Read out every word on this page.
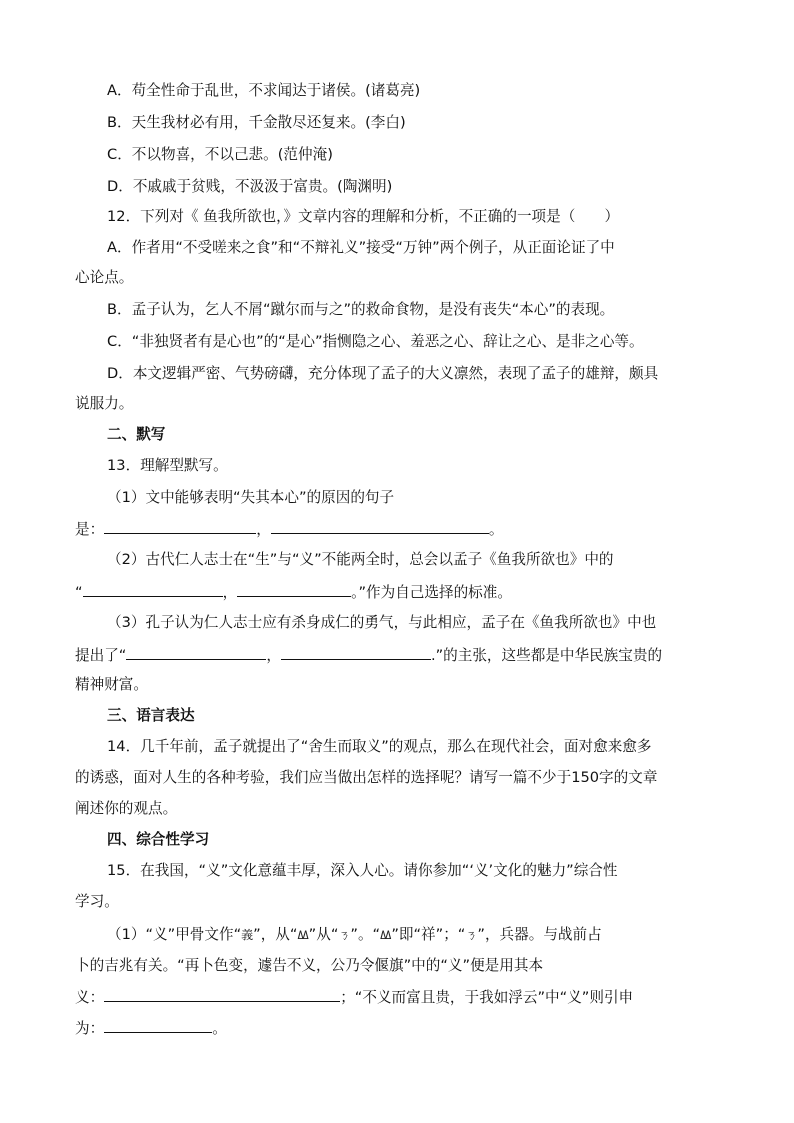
A．苟全性命于乱世，不求闻达于诸侯。(诸葛亮)
B．天生我材必有用，千金散尽还复来。(李白)
C．不以物喜，不以己悲。(范仲淹)
D．不戚戚于贫贱，不汲汲于富贵。(陶渊明)
12．下列对《 鱼我所欲也，》文章内容的理解和分析，不正确的一项是（　　）
A．作者用“不受嗟来之食”和“不辩礼义”接受“万钟”两个例子，从正面论证了中
心论点。
B．孟子认为，乞人不屑“蹴尔而与之”的救命食物，是没有丧失“本心”的表现。
C．“非独贤者有是心也”的“是心”指恻隐之心、羞恶之心、辞让之心、是非之心等。
D．本文逻辑严密、气势磅礴，充分体现了孟子的大义凛然，表现了孟子的雄辩，颇具
说服力。
二、默写
13．理解型默写。
（1）文中能够表明“失其本心”的原因的句子
是：	，	。
（2）古代仁人志士在“生”与“义”不能两全时，总会以孟子《鱼我所欲也》中的
“	，	。”作为自己选择的标准。
（3）孔子认为仁人志士应有杀身成仁的勇气，与此相应，孟子在《鱼我所欲也》中也
提出了“	，	.”的主张，这些都是中华民族宝贵的
精神财富。
三、语言表达
14．几千年前，孟子就提出了“舍生而取义”的观点，那么在现代社会，面对愈来愈多
的诱惑，面对人生的各种考验，我们应当做出怎样的选择呢？请写一篇不少于150字的文章
阐述你的观点。
四、综合性学习
15．在我国，“义”文化意蕴丰厚，深入人心。请你参加“‘义’文化的魅力”综合性
学习。
（1）“义”甲骨文作“義”，从“𐊷”从“ㄋ”。“𐊷”即“祥”；“ㄋ”，兵器。与战前占
卜的吉兆有关。“再卜色变，遽告不义，公乃令偃旗”中的“义”便是用其本
义：	；“不义而富且贵，于我如浮云”中“义”则引申
为：	。
